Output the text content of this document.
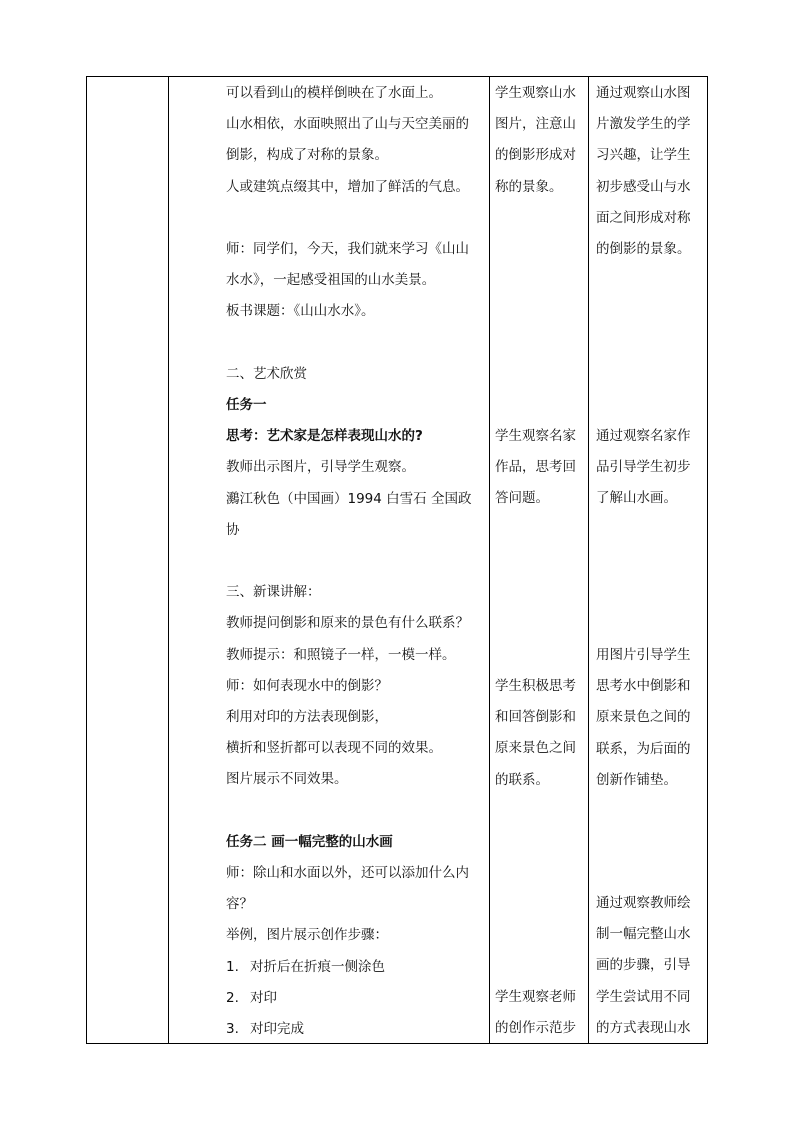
可以看到山的模样倒映在了水面上。
山水相依，水面映照出了山与天空美丽的
倒影，构成了对称的景象。
人或建筑点缀其中，增加了鲜活的气息。
师：同学们，今天，我们就来学习《山山
水水》，一起感受祖国的山水美景。
板书课题：《山山水水》。
二、艺术欣赏
任务一
思考：艺术家是怎样表现山水的?
教师出示图片，引导学生观察。
鸂江秋色（中国画）1994 白雪石 全国政
协
三、新课讲解：
教师提问倒影和原来的景色有什么联系？
教师提示：和照镜子一样，一模一样。
师：如何表现水中的倒影？
利用对印的方法表现倒影，
横折和竖折都可以表现不同的效果。
图片展示不同效果。
任务二 画一幅完整的山水画
师：除山和水面以外，还可以添加什么内
容？
举例，图片展示创作步骤：
1. 对折后在折痕一侧涂色
2. 对印
3. 对印完成
学生观察山水
图片，注意山
的倒影形成对
称的景象。
学生观察名家
作品，思考回
答问题。
学生积极思考
和回答倒影和
原来景色之间
的联系。
学生观察老师
的创作示范步
通过观察山水图
片激发学生的学
习兴趣，让学生
初步感受山与水
面之间形成对称
的倒影的景象。
通过观察名家作
品引导学生初步
了解山水画。
用图片引导学生
思考水中倒影和
原来景色之间的
联系，为后面的
创新作铺垫。
通过观察教师绘
制一幅完整山水
画的步骤，引导
学生尝试用不同
的方式表现山水
